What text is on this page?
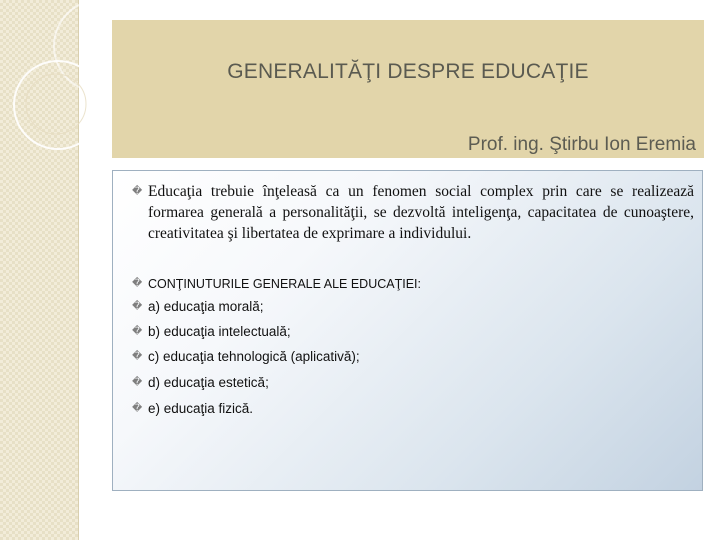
GENERALITĂŢI DESPRE EDUCAŢIE
Prof. ing. Ştirbu Ion Eremia
� Educaţia trebuie înţeleasă ca un fenomen social complex prin care se realizează formarea generală a personalităţii, se dezvoltă inteligenţa, capacitatea de cunoaştere, creativitatea şi libertatea de exprimare a individului.
� CONŢINUTURILE GENERALE ALE EDUCAŢIEI:
� a) educaţia morală;
� b) educaţia intelectuală;
� c) educaţia tehnologică (aplicativă);
� d) educaţia estetică;
� e) educaţia fizică.
